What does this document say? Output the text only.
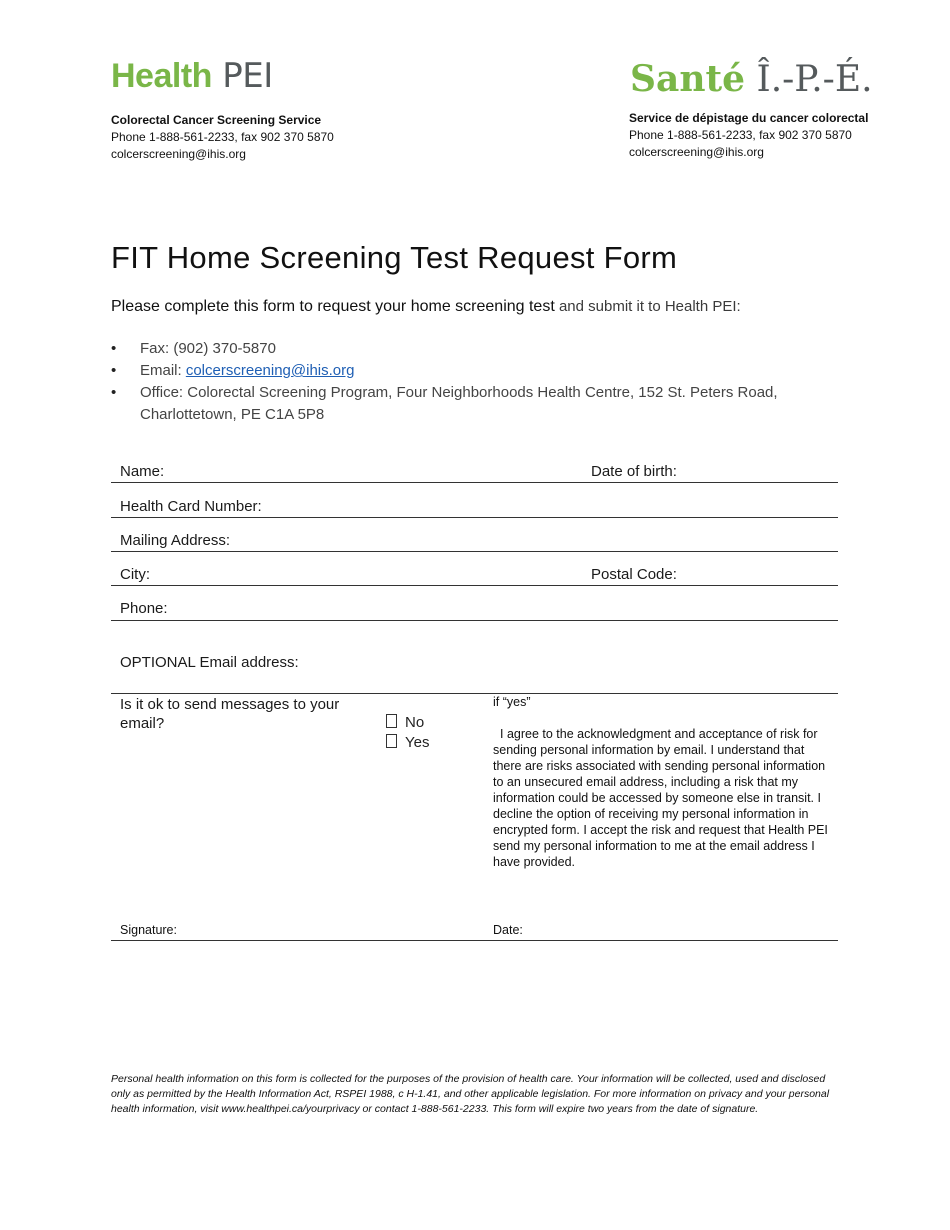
Health PEI
Colorectal Cancer Screening Service
Phone 1-888-561-2233, fax 902 370 5870
colcerscreening@ihis.org
Santé Î.-P.-É.
Service de dépistage du cancer colorectal
Phone 1-888-561-2233, fax 902 370 5870
colcerscreening@ihis.org
FIT Home Screening Test Request Form
Please complete this form to request your home screening test and submit it to Health PEI:
• Fax: (902) 370-5870
• Email: colcerscreening@ihis.org
• Office: Colorectal Screening Program, Four Neighborhoods Health Centre, 152 St. Peters Road, Charlottetown, PE C1A 5P8
Name:	Date of birth:
Health Card Number:
Mailing Address:
City:	Postal Code:
Phone:
OPTIONAL Email address:
Is it ok to send messages to your email?	No
Yes
if “yes”
I agree to the acknowledgment and acceptance of risk for sending personal information by email. I understand that there are risks associated with sending personal information to an unsecured email address, including a risk that my information could be accessed by someone else in transit. I decline the option of receiving my personal information in encrypted form. I accept the risk and request that Health PEI send my personal information to me at the email address I have provided.
Signature:	Date:
Personal health information on this form is collected for the purposes of the provision of health care. Your information will be collected, used and disclosed only as permitted by the Health Information Act, RSPEI 1988, c H-1.41, and other applicable legislation. For more information on privacy and your personal health information, visit www.healthpei.ca/yourprivacy or contact 1-888-561-2233. This form will expire two years from the date of signature.
